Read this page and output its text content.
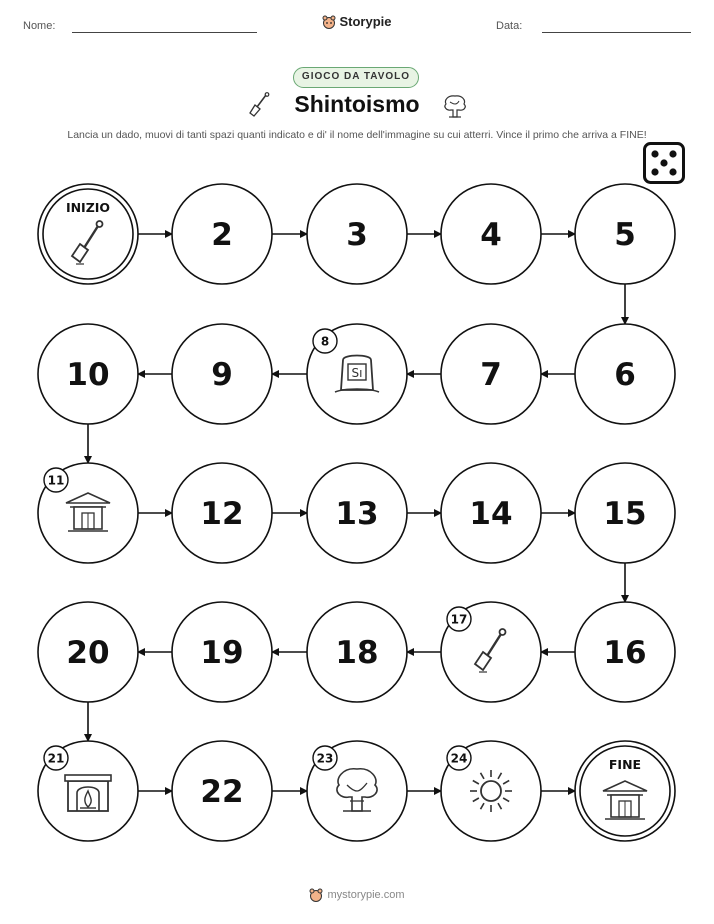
Nome:	Storypie	Data:
GIOCO DA TAVOLO
Shintoismo
Lancia un dado, muovi di tanti spazi quanti indicato e di' il nome dell'immagine su cui atterri. Vince il primo che arriva a FINE!
INIZIO
2	3	4	5
6
7
Sı
8
9
10
11
12	13	14	15
16
17
18
19
20
21
22
23	24	FINE
mystorypie.com
